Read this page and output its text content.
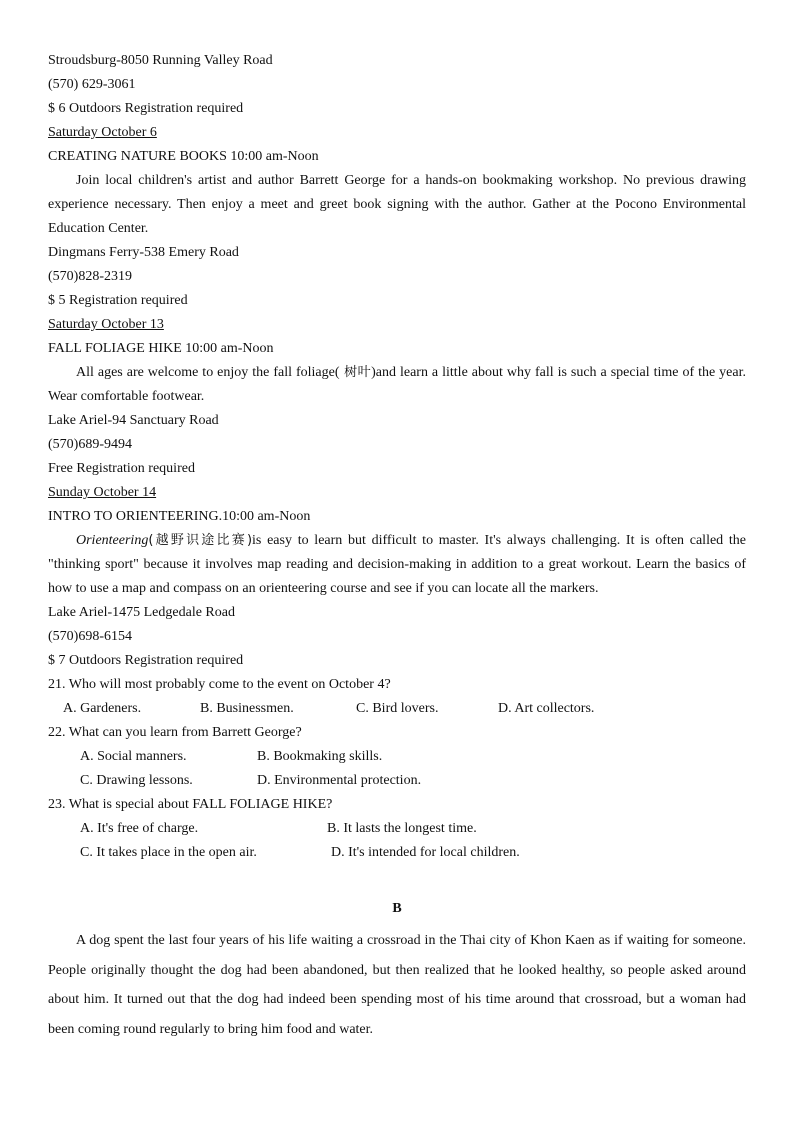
Stroudsburg-8050 Running Valley Road
(570) 629-3061
$ 6 Outdoors Registration required
Saturday October 6
CREATING NATURE BOOKS 10:00 am-Noon
Join local children's artist and author Barrett George for a hands-on bookmaking workshop. No previous drawing experience necessary. Then enjoy a meet and greet book signing with the author. Gather at the Pocono Environmental Education Center.
Dingmans Ferry-538 Emery Road
(570)828-2319
$ 5 Registration required
Saturday October 13
FALL FOLIAGE HIKE 10:00 am-Noon
All ages are welcome to enjoy the fall foliage( 树叶)and learn a little about why fall is such a special time of the year. Wear comfortable footwear.
Lake Ariel-94 Sanctuary Road
(570)689-9494
Free Registration required
Sunday October 14
INTRO TO ORIENTEERING.10:00 am-Noon
Orienteering(越野识途比赛)is easy to learn but difficult to master. It's always challenging. It is often called the "thinking sport" because it involves map reading and decision-making in addition to a great workout. Learn the basics of how to use a map and compass on an orienteering course and see if you can locate all the markers.
Lake Ariel-1475 Ledgedale Road
(570)698-6154
$ 7 Outdoors Registration required
21. Who will most probably come to the event on October 4?
A. Gardeners.	B. Businessmen.	C. Bird lovers.	D. Art collectors.
22. What can you learn from Barrett George?
A. Social manners.	B. Bookmaking skills.
C. Drawing lessons.	D. Environmental protection.
23. What is special about FALL FOLIAGE HIKE?
A. It's free of charge.	B. It lasts the longest time.
C. It takes place in the open air.	D. It's intended for local children.
B
A dog spent the last four years of his life waiting a crossroad in the Thai city of Khon Kaen as if waiting for someone. People originally thought the dog had been abandoned, but then realized that he looked healthy, so people asked around about him. It turned out that the dog had indeed been spending most of his time around that crossroad, but a woman had been coming round regularly to bring him food and water.
